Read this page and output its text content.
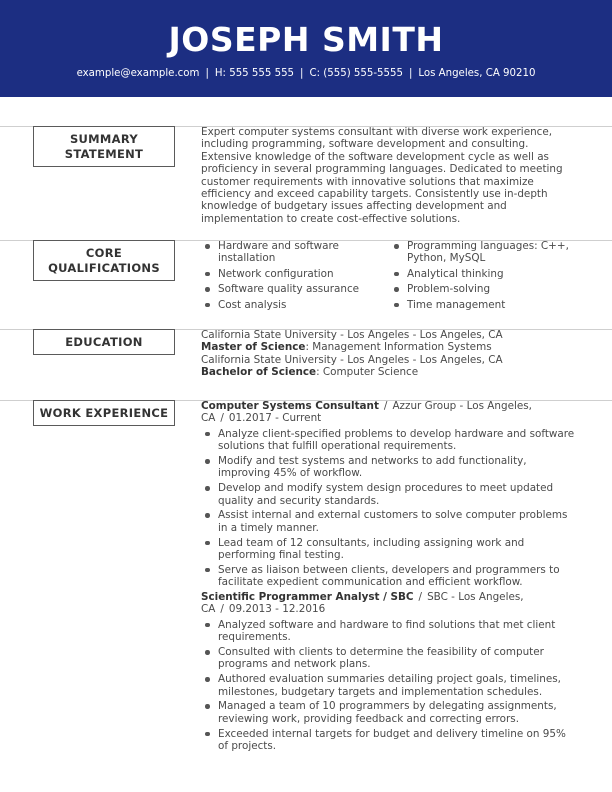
JOSEPH SMITH
example@example.com | H: 555 555 555 | C: (555) 555-5555 | Los Angeles, CA 90210
SUMMARY
STATEMENT
Expert computer systems consultant with diverse work experience, including programming, software development and consulting. Extensive knowledge of the software development cycle as well as proficiency in several programming languages. Dedicated to meeting customer requirements with innovative solutions that maximize efficiency and exceed capability targets. Consistently use in-depth knowledge of budgetary issues affecting development and implementation to create cost-effective solutions.
CORE
QUALIFICATIONS
Hardware and software installation
Network configuration
Software quality assurance
Cost analysis
Programming languages: C++, Python, MySQL
Analytical thinking
Problem-solving
Time management
EDUCATION	California State University - Los Angeles - Los Angeles, CA
Master of Science: Management Information Systems
California State University - Los Angeles - Los Angeles, CA
Bachelor of Science: Computer Science
WORK EXPERIENCE	Computer Systems Consultant / Azzur Group - Los Angeles, CA / 01.2017 - Current
Analyze client-specified problems to develop hardware and software solutions that fulfill operational requirements.
Modify and test systems and networks to add functionality, improving 45% of workflow.
Develop and modify system design procedures to meet updated quality and security standards.
Assist internal and external customers to solve computer problems in a timely manner.
Lead team of 12 consultants, including assigning work and performing final testing.
Serve as liaison between clients, developers and programmers to facilitate expedient communication and efficient workflow.
Scientific Programmer Analyst / SBC / SBC - Los Angeles, CA / 09.2013 - 12.2016
Analyzed software and hardware to find solutions that met client requirements.
Consulted with clients to determine the feasibility of computer programs and network plans.
Authored evaluation summaries detailing project goals, timelines, milestones, budgetary targets and implementation schedules.
Managed a team of 10 programmers by delegating assignments, reviewing work, providing feedback and correcting errors.
Exceeded internal targets for budget and delivery timeline on 95% of projects.
